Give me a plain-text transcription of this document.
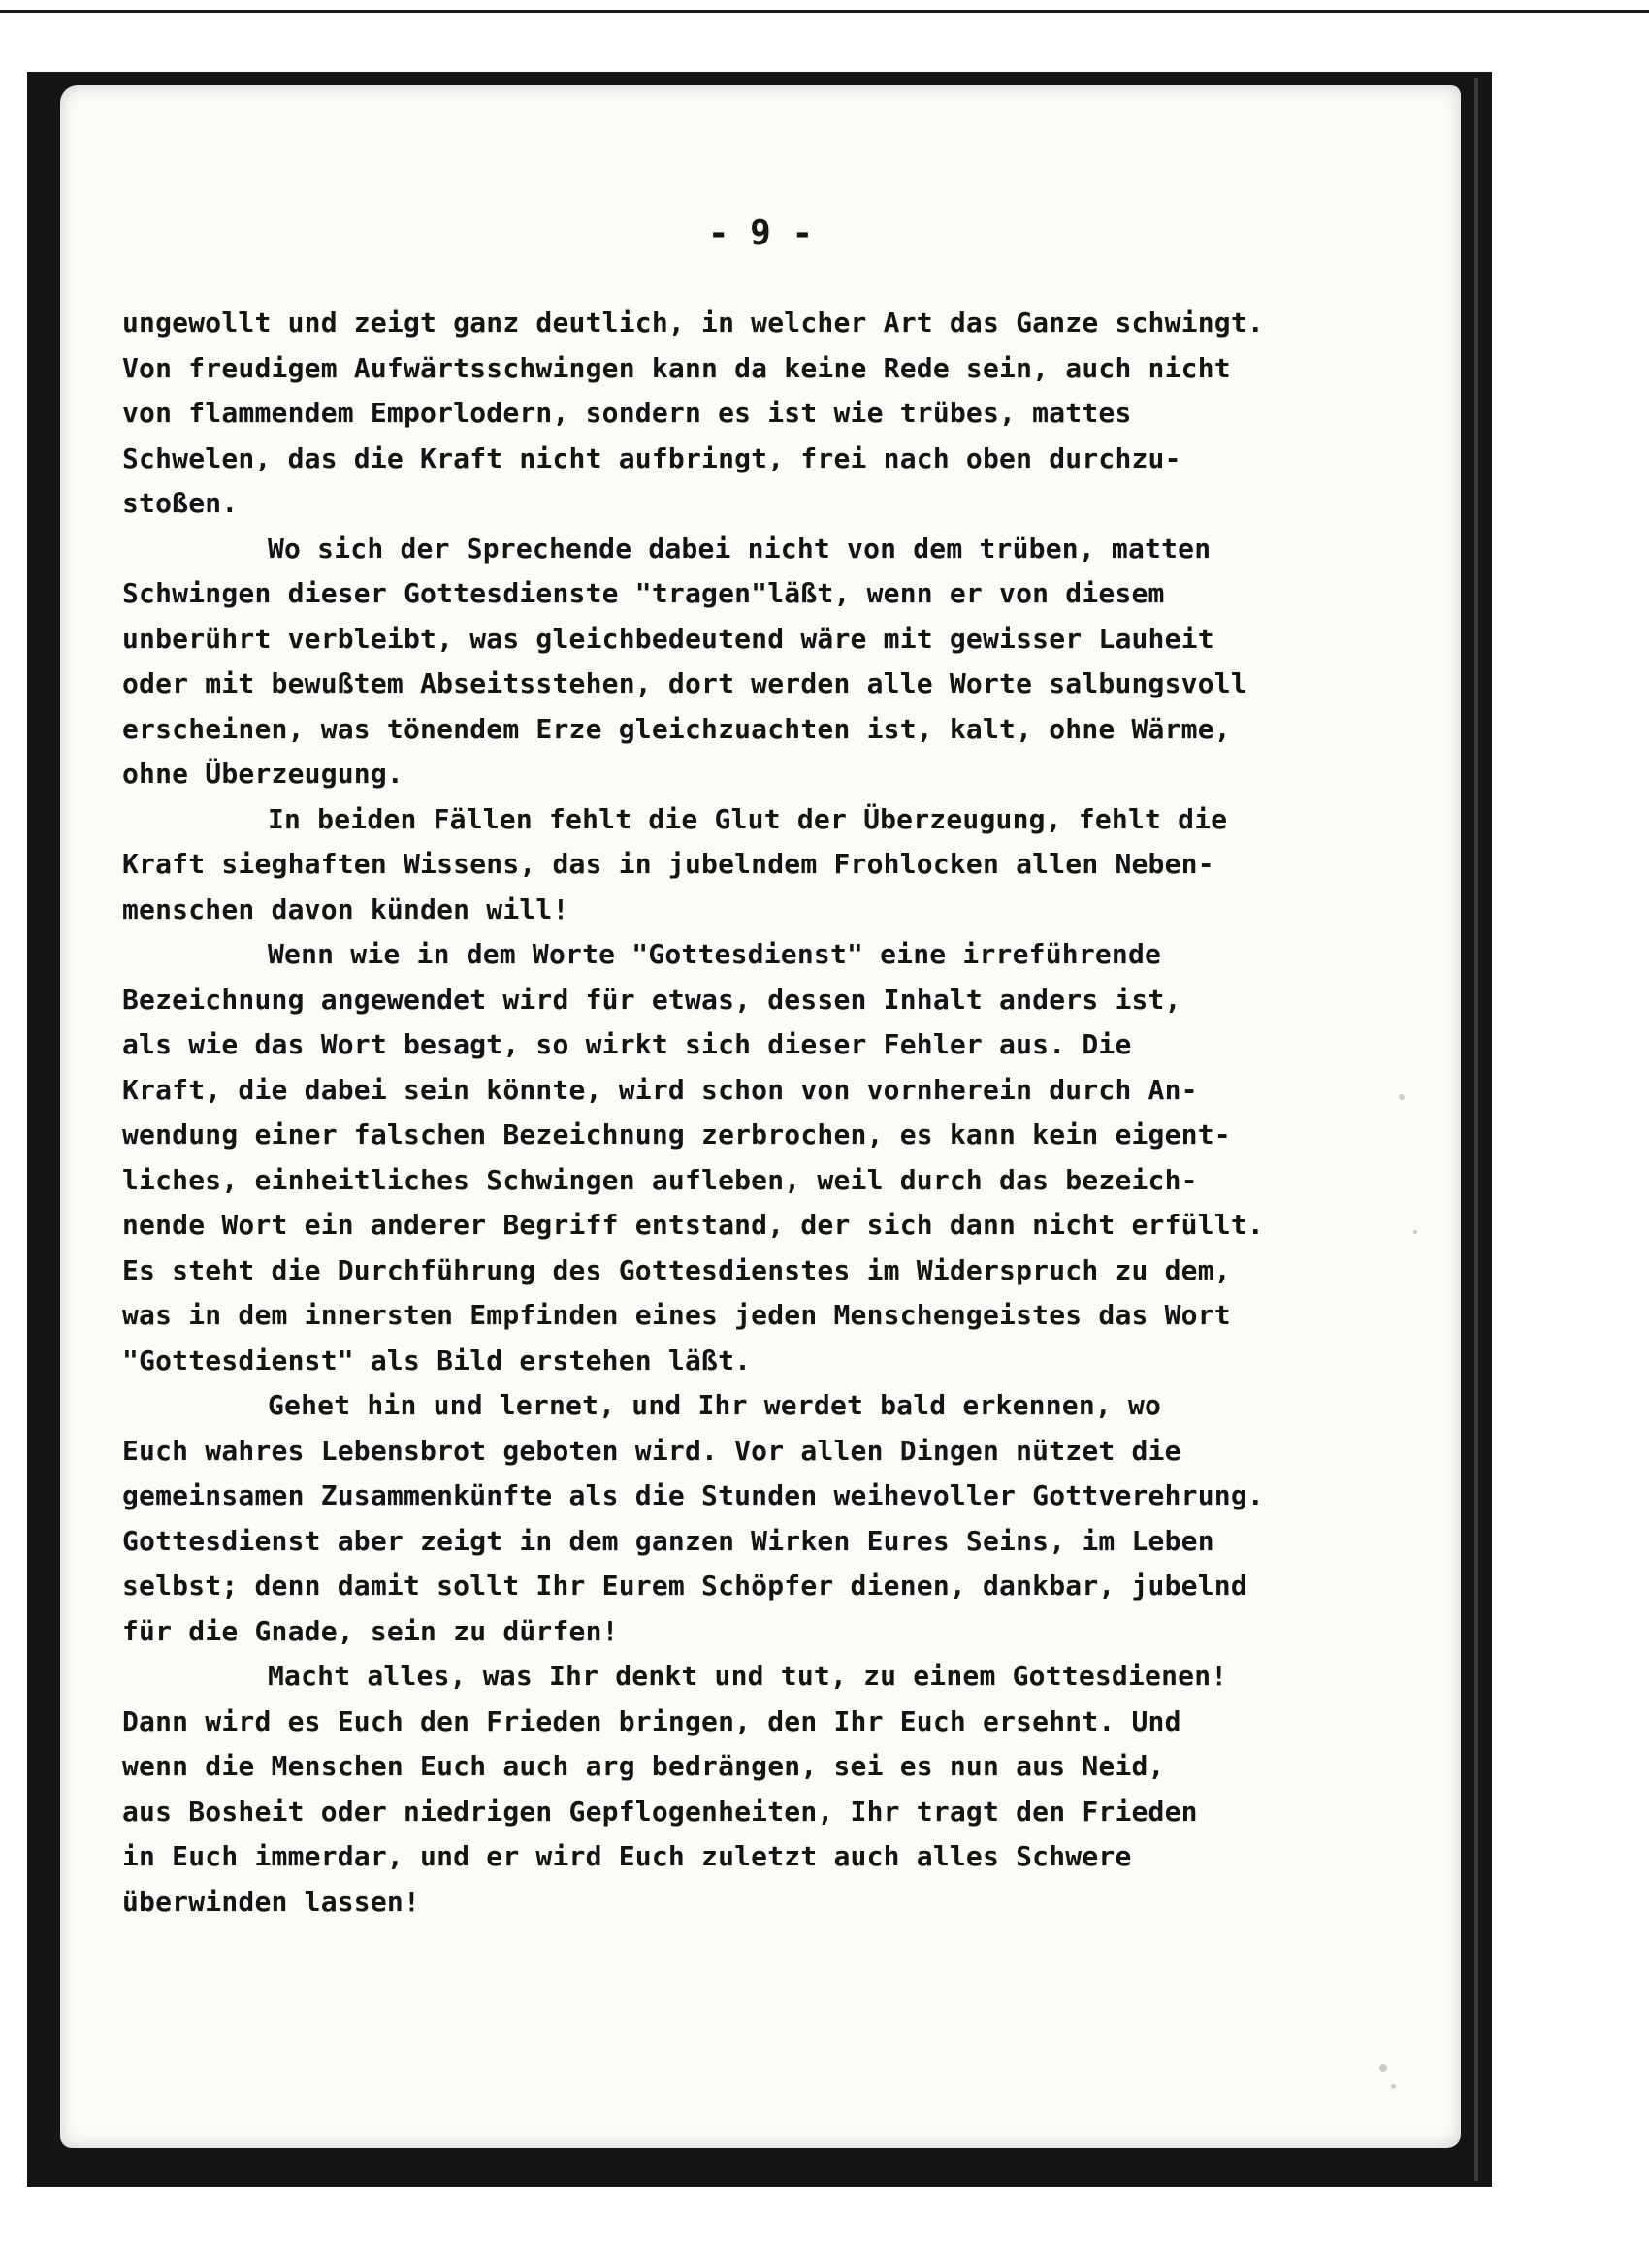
- 9 -
ungewollt und zeigt ganz deutlich, in welcher Art das Ganze schwingt.
Von freudigem Aufwärtsschwingen kann da keine Rede sein, auch nicht
von flammendem Emporlodern, sondern es ist wie trübes, mattes
Schwelen, das die Kraft nicht aufbringt, frei nach oben durchzu-
stoßen.
Wo sich der Sprechende dabei nicht von dem trüben, matten
Schwingen dieser Gottesdienste "tragen"läßt, wenn er von diesem
unberührt verbleibt, was gleichbedeutend wäre mit gewisser Lauheit
oder mit bewußtem Abseitsstehen, dort werden alle Worte salbungsvoll
erscheinen, was tönendem Erze gleichzuachten ist, kalt, ohne Wärme,
ohne Überzeugung.
In beiden Fällen fehlt die Glut der Überzeugung, fehlt die
Kraft sieghaften Wissens, das in jubelndem Frohlocken allen Neben-
menschen davon künden will!
Wenn wie in dem Worte "Gottesdienst" eine irreführende
Bezeichnung angewendet wird für etwas, dessen Inhalt anders ist,
als wie das Wort besagt, so wirkt sich dieser Fehler aus. Die
Kraft, die dabei sein könnte, wird schon von vornherein durch An-
wendung einer falschen Bezeichnung zerbrochen, es kann kein eigent-
liches, einheitliches Schwingen aufleben, weil durch das bezeich-
nende Wort ein anderer Begriff entstand, der sich dann nicht erfüllt.
Es steht die Durchführung des Gottesdienstes im Widerspruch zu dem,
was in dem innersten Empfinden eines jeden Menschengeistes das Wort
"Gottesdienst" als Bild erstehen läßt.
Gehet hin und lernet, und Ihr werdet bald erkennen, wo
Euch wahres Lebensbrot geboten wird. Vor allen Dingen nützet die
gemeinsamen Zusammenkünfte als die Stunden weihevoller Gottverehrung.
Gottesdienst aber zeigt in dem ganzen Wirken Eures Seins, im Leben
selbst; denn damit sollt Ihr Eurem Schöpfer dienen, dankbar, jubelnd
für die Gnade, sein zu dürfen!
Macht alles, was Ihr denkt und tut, zu einem Gottesdienen!
Dann wird es Euch den Frieden bringen, den Ihr Euch ersehnt. Und
wenn die Menschen Euch auch arg bedrängen, sei es nun aus Neid,
aus Bosheit oder niedrigen Gepflogenheiten, Ihr tragt den Frieden
in Euch immerdar, und er wird Euch zuletzt auch alles Schwere
überwinden lassen!
